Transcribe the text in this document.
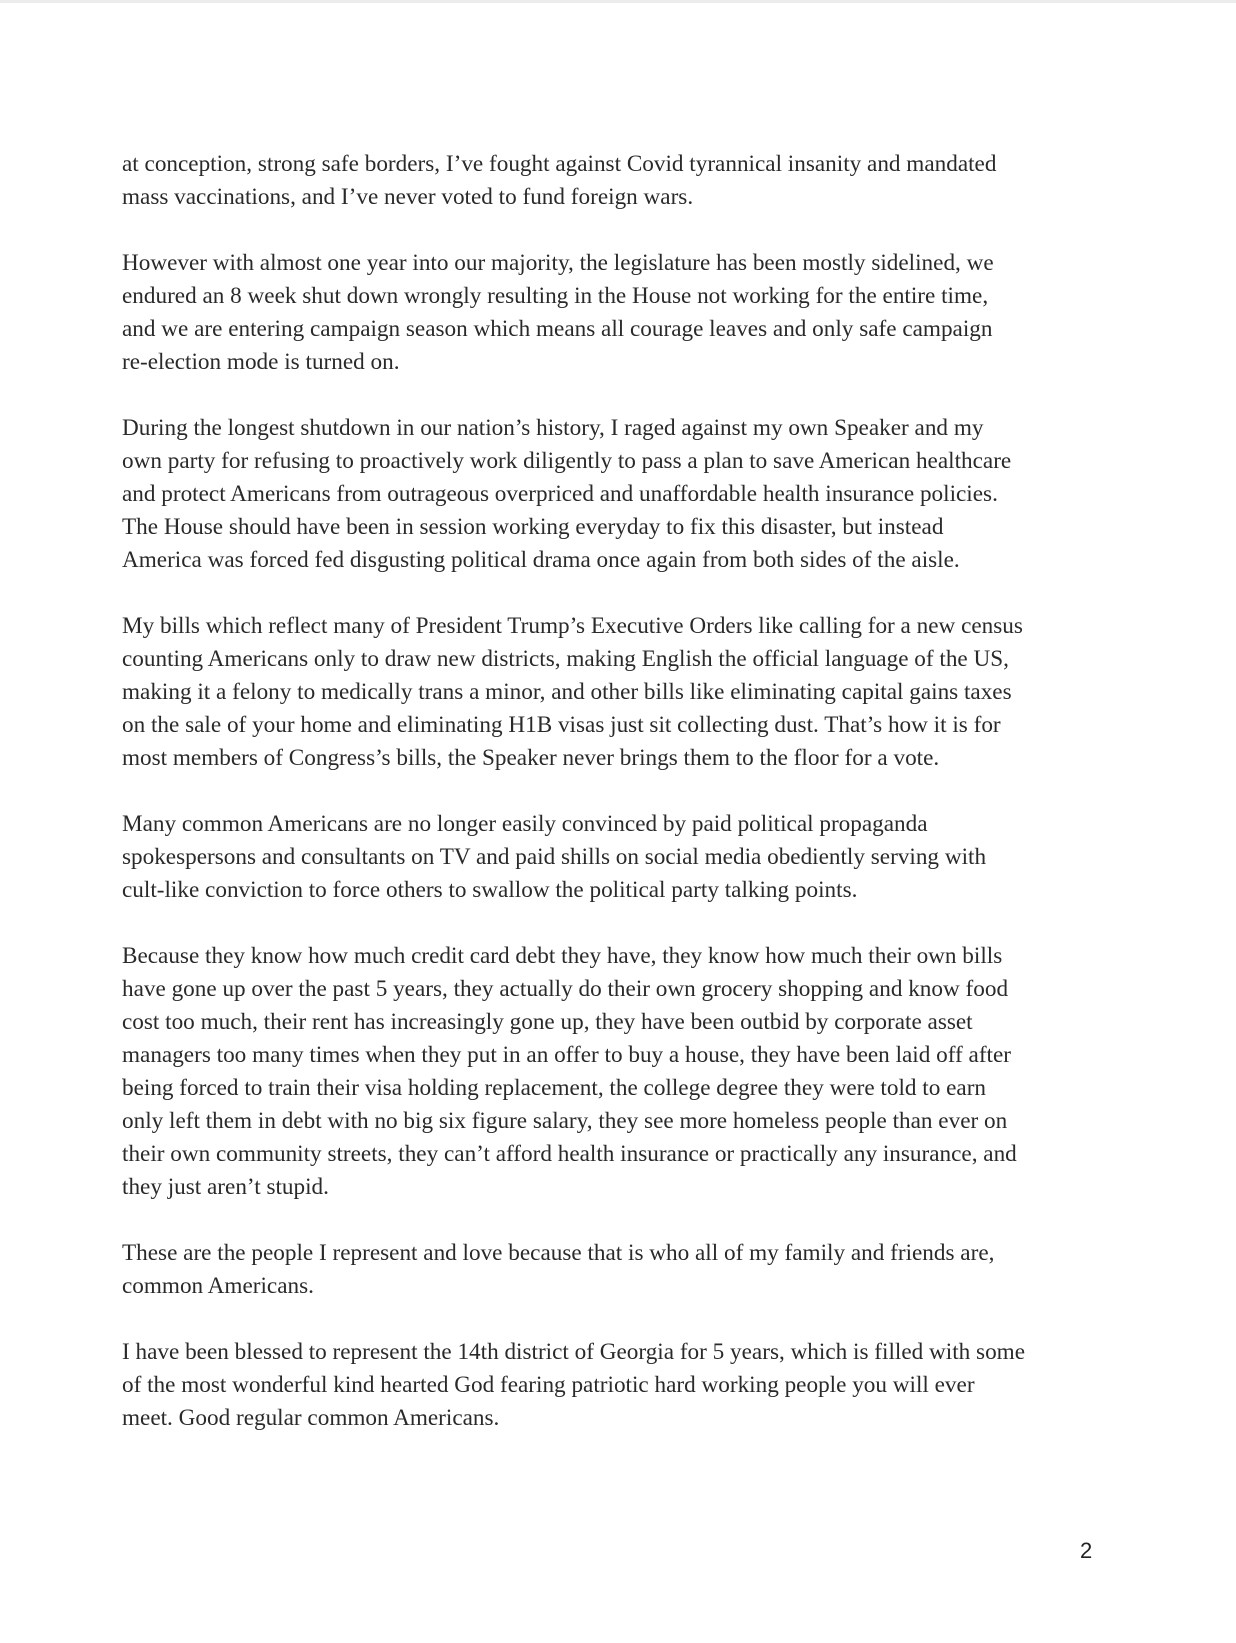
at conception, strong safe borders, I’ve fought against Covid tyrannical insanity and mandated
mass vaccinations, and I’ve never voted to fund foreign wars.

However with almost one year into our majority, the legislature has been mostly sidelined, we
endured an 8 week shut down wrongly resulting in the House not working for the entire time,
and we are entering campaign season which means all courage leaves and only safe campaign
re-election mode is turned on.

During the longest shutdown in our nation’s history, I raged against my own Speaker and my
own party for refusing to proactively work diligently to pass a plan to save American healthcare
and protect Americans from outrageous overpriced and unaffordable health insurance policies.
The House should have been in session working everyday to fix this disaster, but instead
America was forced fed disgusting political drama once again from both sides of the aisle.

My bills which reflect many of President Trump’s Executive Orders like calling for a new census
counting Americans only to draw new districts, making English the official language of the US,
making it a felony to medically trans a minor, and other bills like eliminating capital gains taxes
on the sale of your home and eliminating H1B visas just sit collecting dust. That’s how it is for
most members of Congress’s bills, the Speaker never brings them to the floor for a vote.

Many common Americans are no longer easily convinced by paid political propaganda
spokespersons and consultants on TV and paid shills on social media obediently serving with
cult-like conviction to force others to swallow the political party talking points.

Because they know how much credit card debt they have, they know how much their own bills
have gone up over the past 5 years, they actually do their own grocery shopping and know food
cost too much, their rent has increasingly gone up, they have been outbid by corporate asset
managers too many times when they put in an offer to buy a house, they have been laid off after
being forced to train their visa holding replacement, the college degree they were told to earn
only left them in debt with no big six figure salary, they see more homeless people than ever on
their own community streets, they can’t afford health insurance or practically any insurance, and
they just aren’t stupid.

These are the people I represent and love because that is who all of my family and friends are,
common Americans.

I have been blessed to represent the 14th district of Georgia for 5 years, which is filled with some
of the most wonderful kind hearted God fearing patriotic hard working people you will ever
meet. Good regular common Americans.

2
